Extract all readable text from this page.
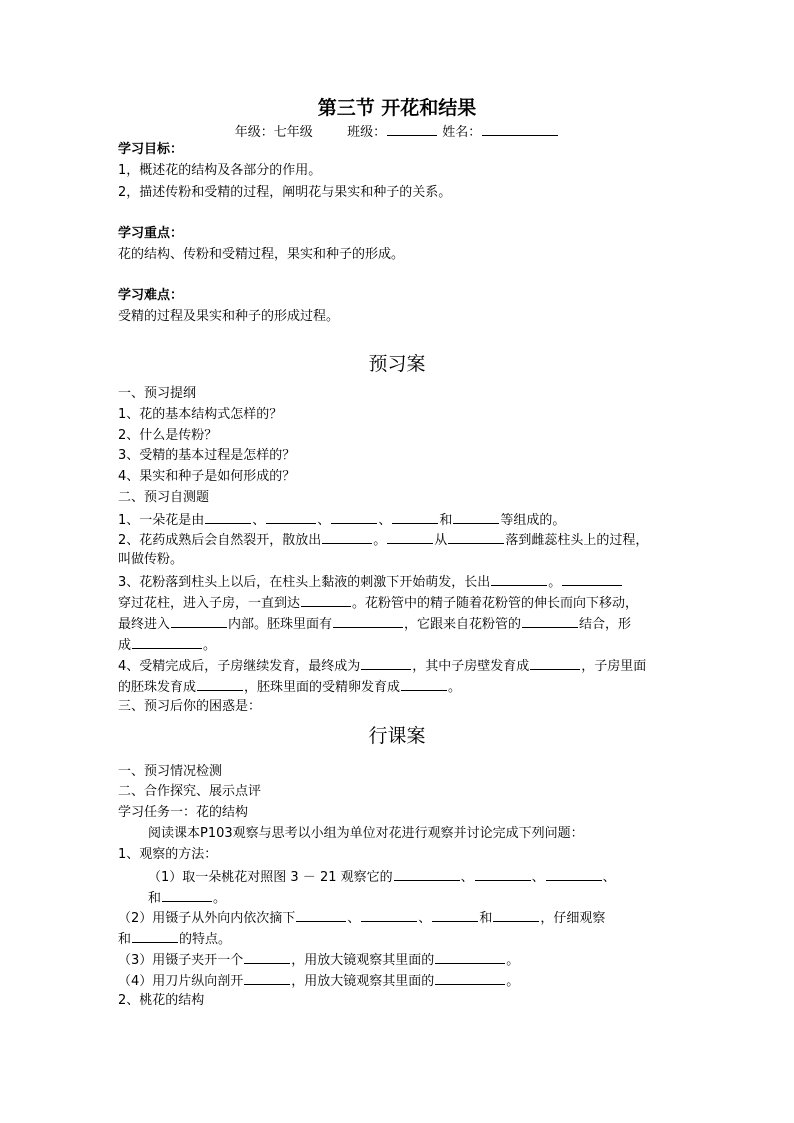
第三节 开花和结果
年级：七年级	班级：	姓名：
学习目标：
1，概述花的结构及各部分的作用。
2，描述传粉和受精的过程，阐明花与果实和种子的关系。
学习重点：
花的结构、传粉和受精过程，果实和种子的形成。
学习难点：
受精的过程及果实和种子的形成过程。
预习案
一、预习提纲
1、花的基本结构式怎样的？
2、什么是传粉？
3、受精的基本过程是怎样的？
4、果实和种子是如何形成的？
二、预习自测题
1、一朵花是由	、	、	、	和	等组成的。
2、花药成熟后会自然裂开，散放出	。	从	落到雌蕊柱头上的过程，
叫做传粉。
3、花粉落到柱头上以后，在柱头上黏液的刺激下开始萌发，长出	。
穿过花柱，进入子房，一直到达	。花粉管中的精子随着花粉管的伸长而向下移动，
最终进入	内部。胚珠里面有	，它跟来自花粉管的	结合，形
成	。
4、受精完成后，子房继续发育，最终成为	，其中子房壁发育成	，子房里面
的胚珠发育成	，胚珠里面的受精卵发育成	。
三、预习后你的困惑是：
行课案
一、预习情况检测
二、合作探究、展示点评
学习任务一：花的结构
阅读课本P103观察与思考以小组为单位对花进行观察并讨论完成下列问题：
1、观察的方法：
（1）取一朵桃花对照图 3 － 21 观察它的	、	、	、
和	。
（2）用镊子从外向内依次摘下	、	、	和	，仔细观察
和	的特点。
（3）用镊子夹开一个	，用放大镜观察其里面的	。
（4）用刀片纵向剖开	，用放大镜观察其里面的	。
2、桃花的结构
